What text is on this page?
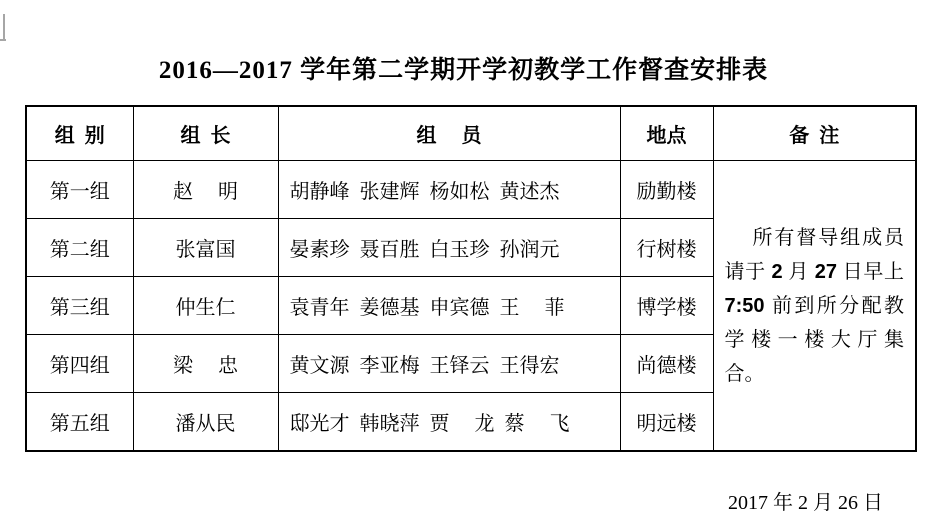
2016—2017 学年第二学期开学初教学工作督查安排表
组  别	组  长	组　 员	地点	备  注
第一组	赵　 明	胡静峰  张建辉  杨如松  黄述杰	励勤楼	所有督导组成员请于 2 月 27 日早上 7:50 前到所分配教学楼一楼大厅集合。

第二组	张富国	晏素珍  聂百胜  白玉珍  孙润元	行树楼	
第三组	仲生仁	袁青年  姜德基  申宾德  王　 菲	博学楼	
第四组	梁　 忠	黄文源  李亚梅  王铎云  王得宏	尚德楼	
第五组	潘从民	邸光才  韩晓萍  贾　 龙  蔡　 飞	明远楼	
2017 年 2 月 26 日
